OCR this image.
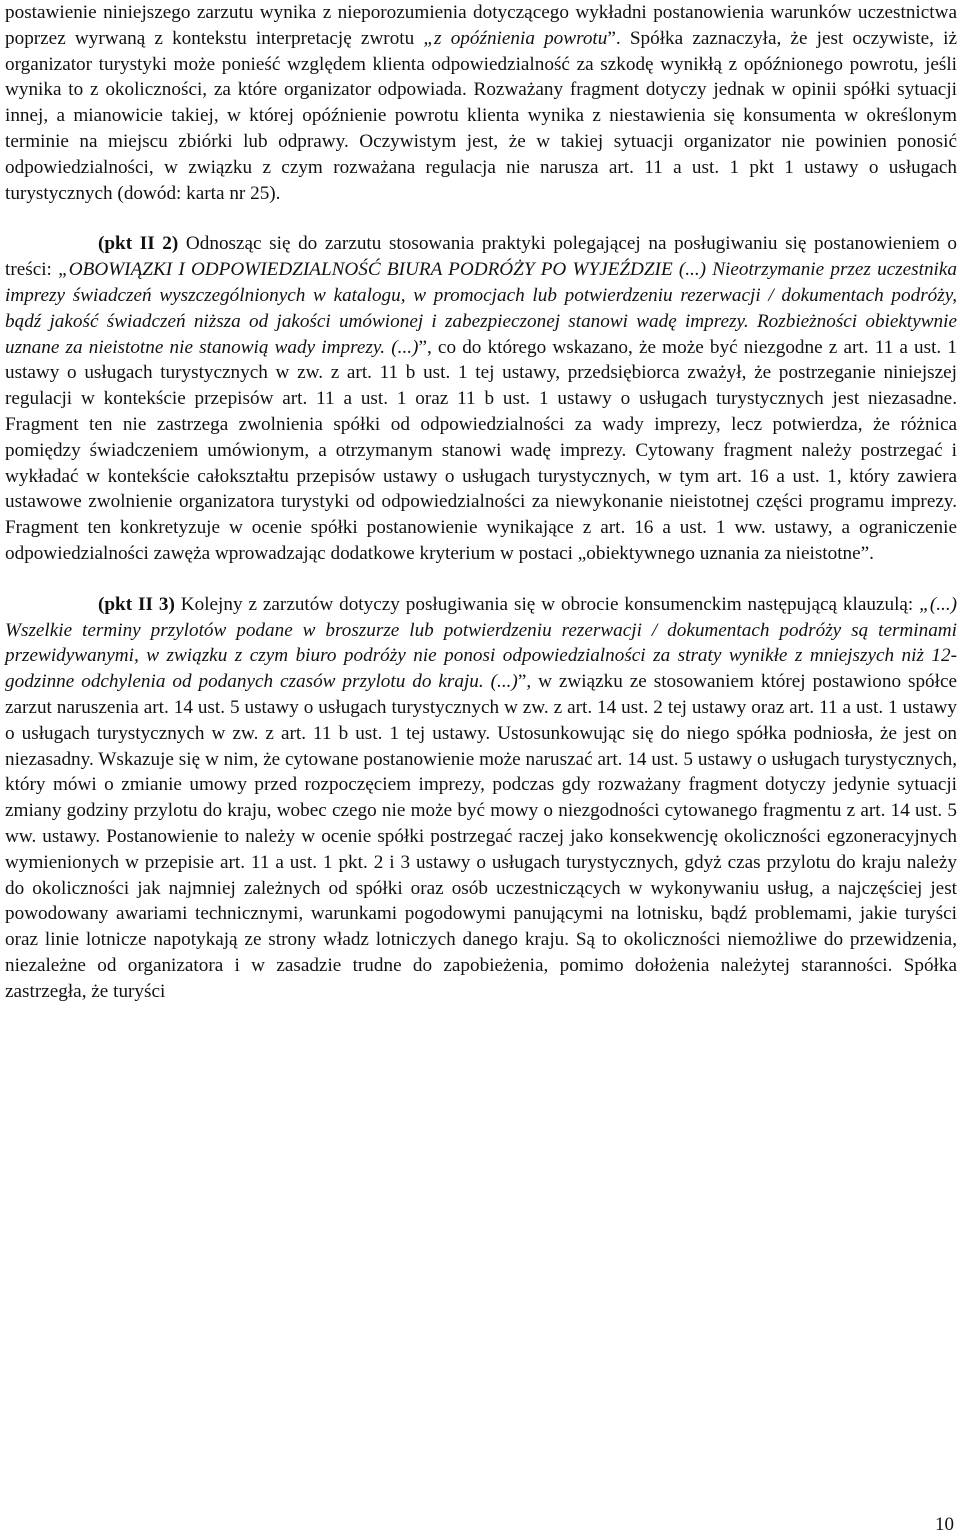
postawienie niniejszego zarzutu wynika z nieporozumienia dotyczącego wykładni postanowienia warunków uczestnictwa poprzez wyrwaną z kontekstu interpretację zwrotu „z opóźnienia powrotu”. Spółka zaznaczyła, że jest oczywiste, iż organizator turystyki może ponieść względem klienta odpowiedzialność za szkodę wynikłą z opóźnionego powrotu, jeśli wynika to z okoliczności, za które organizator odpowiada. Rozważany fragment dotyczy jednak w opinii spółki sytuacji innej, a mianowicie takiej, w której opóźnienie powrotu klienta wynika z niestawienia się konsumenta w określonym terminie na miejscu zbiórki lub odprawy. Oczywistym jest, że w takiej sytuacji organizator nie powinien ponosić odpowiedzialności, w związku z czym rozważana regulacja nie narusza art. 11 a ust. 1 pkt 1 ustawy o usługach turystycznych (dowód: karta nr 25).

(pkt II 2) Odnosząc się do zarzutu stosowania praktyki polegającej na posługiwaniu się postanowieniem o treści: „OBOWIĄZKI I ODPOWIEDZIALNOŚĆ BIURA PODRÓŻY PO WYJEŹDZIE (...) Nieotrzymanie przez uczestnika imprezy świadczeń wyszczególnionych w katalogu, w promocjach lub potwierdzeniu rezerwacji / dokumentach podróży, bądź jakość świadczeń niższa od jakości umówionej i zabezpieczonej stanowi wadę imprezy. Rozbieżności obiektywnie uznane za nieistotne nie stanowią wady imprezy. (...)”, co do którego wskazano, że może być niezgodne z art. 11 a ust. 1 ustawy o usługach turystycznych w zw. z art. 11 b ust. 1 tej ustawy, przedsiębiorca zważył, że postrzeganie niniejszej regulacji w kontekście przepisów art. 11 a ust. 1 oraz 11 b ust. 1 ustawy o usługach turystycznych jest niezasadne. Fragment ten nie zastrzega zwolnienia spółki od odpowiedzialności za wady imprezy, lecz potwierdza, że różnica pomiędzy świadczeniem umówionym, a otrzymanym stanowi wadę imprezy. Cytowany fragment należy postrzegać i wykładać w kontekście całokształtu przepisów ustawy o usługach turystycznych, w tym art. 16 a ust. 1, który zawiera ustawowe zwolnienie organizatora turystyki od odpowiedzialności za niewykonanie nieistotnej części programu imprezy. Fragment ten konkretyzuje w ocenie spółki postanowienie wynikające z art. 16 a ust. 1 ww. ustawy, a ograniczenie odpowiedzialności zawęża wprowadzając dodatkowe kryterium w postaci „obiektywnego uznania za nieistotne”.

(pkt II 3) Kolejny z zarzutów dotyczy posługiwania się w obrocie konsumenckim następującą klauzulą: „(...) Wszelkie terminy przylotów podane w broszurze lub potwierdzeniu rezerwacji / dokumentach podróży są terminami przewidywanymi, w związku z czym biuro podróży nie ponosi odpowiedzialności za straty wynikłe z mniejszych niż 12-godzinne odchylenia od podanych czasów przylotu do kraju. (...)”, w związku ze stosowaniem której postawiono spółce zarzut naruszenia art. 14 ust. 5 ustawy o usługach turystycznych w zw. z art. 14 ust. 2 tej ustawy oraz art. 11 a ust. 1 ustawy o usługach turystycznych w zw. z art. 11 b ust. 1 tej ustawy. Ustosunkowując się do niego spółka podniosła, że jest on niezasadny. Wskazuje się w nim, że cytowane postanowienie może naruszać art. 14 ust. 5 ustawy o usługach turystycznych, który mówi o zmianie umowy przed rozpoczęciem imprezy, podczas gdy rozważany fragment dotyczy jedynie sytuacji zmiany godziny przylotu do kraju, wobec czego nie może być mowy o niezgodności cytowanego fragmentu z art. 14 ust. 5 ww. ustawy. Postanowienie to należy w ocenie spółki postrzegać raczej jako konsekwencję okoliczności egzoneracyjnych wymienionych w przepisie art. 11 a ust. 1 pkt. 2 i 3 ustawy o usługach turystycznych, gdyż czas przylotu do kraju należy do okoliczności jak najmniej zależnych od spółki oraz osób uczestniczących w wykonywaniu usług, a najczęściej jest powodowany awariami technicznymi, warunkami pogodowymi panującymi na lotnisku, bądź problemami, jakie turyści oraz linie lotnicze napotykają ze strony władz lotniczych danego kraju. Są to okoliczności niemożliwe do przewidzenia, niezależne od organizatora i w zasadzie trudne do zapobieżenia, pomimo dołożenia należytej staranności. Spółka zastrzegła, że turyści

10
